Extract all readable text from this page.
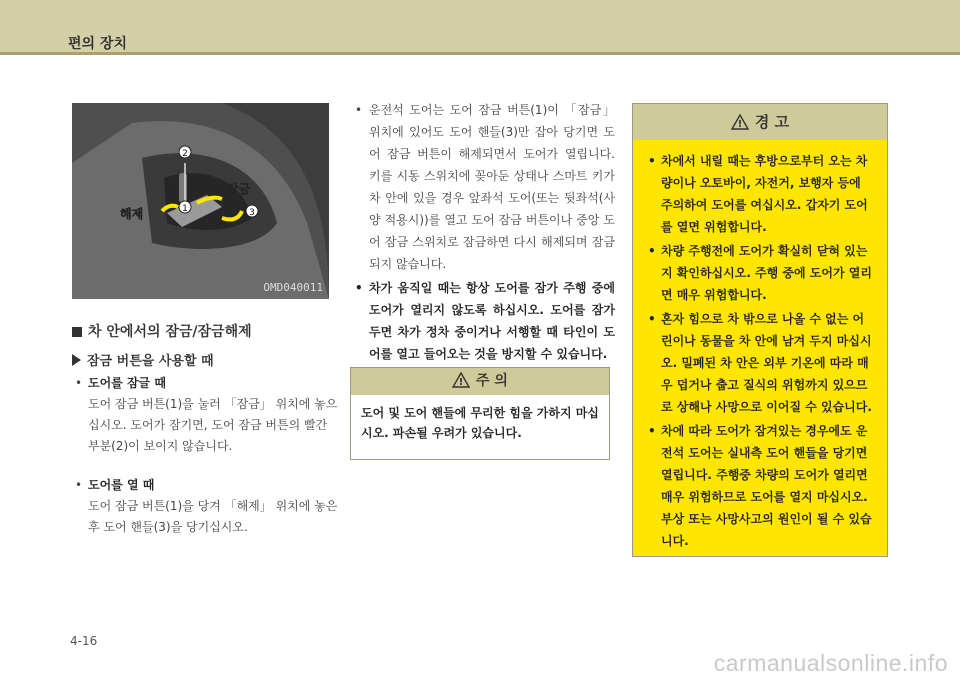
편의 장치
2
1	3
해제
잠금
OMD040011
차 안에서의 잠금/잠금해제
잠금 버튼을 사용할 때
• 도어를 잠글 때
도어 잠금 버튼(1)을 눌러 「잠금」 위치에 놓으
십시오. 도어가 잠기면, 도어 잠금 버튼의 빨간
부분(2)이 보이지 않습니다.
• 도어를 열 때
도어 잠금 버튼(1)을 당겨 「해제」 위치에 놓은
후 도어 핸들(3)을 당기십시오.
• 운전석 도어는 도어 잠금 버튼(1)이 「잠금」 위치에 있어도 도어 핸들(3)만 잡아 당기면 도어 잠금 버튼이 해제되면서 도어가 열립니다. 키를 시동 스위치에 꽂아둔 상태나 스마트 키가 차 안에 있을 경우 앞좌석 도어(또는 뒷좌석(사양 적용시))를 열고 도어 잠금 버튼이나 중앙 도어 잠금 스위치로 잠금하면 다시 해제되며 잠금되지 않습니다.
• 차가 움직일 때는 항상 도어를 잠가 주행 중에 도어가 열리지 않도록 하십시오. 도어를 잠가 두면 차가 정차 중이거나 서행할 때 타인이 도어를 열고 들어오는 것을 방지할 수 있습니다.
! 주 의
도어 및 도어 핸들에 무리한 힘을 가하지 마십시오. 파손될 우려가 있습니다.
! 경 고
• 차에서 내릴 때는 후방으로부터 오는 차량이나 오토바이, 자전거, 보행자 등에 주의하여 도어를 여십시오. 갑자기 도어를 열면 위험합니다.
• 차량 주행전에 도어가 확실히 닫혀 있는지 확인하십시오. 주행 중에 도어가 열리면 매우 위험합니다.
• 혼자 힘으로 차 밖으로 나올 수 없는 어린이나 동물을 차 안에 남겨 두지 마십시오. 밀폐된 차 안은 외부 기온에 따라 매우 덥거나 춥고 질식의 위험까지 있으므로 상해나 사망으로 이어질 수 있습니다.
• 차에 따라 도어가 잠겨있는 경우에도 운전석 도어는 실내측 도어 핸들을 당기면 열립니다. 주행중 차량의 도어가 열리면 매우 위험하므로 도어를 열지 마십시오. 부상 또는 사망사고의 원인이 될 수 있습니다.
4-16
carmanualsonline.info
